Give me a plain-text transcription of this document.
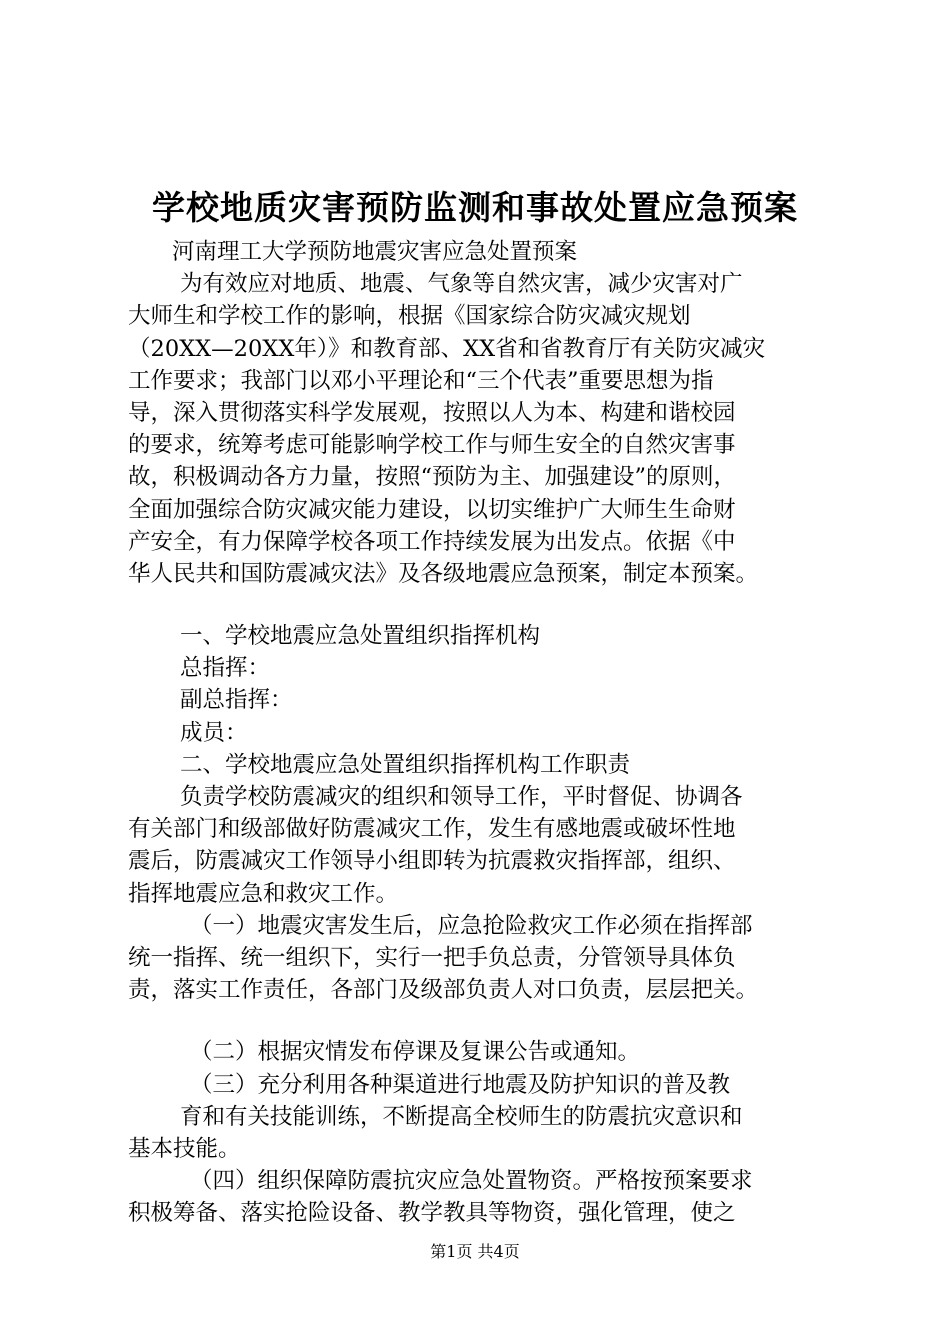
学校地质灾害预防监测和事故处置应急预案
河南理工大学预防地震灾害应急处置预案
为有效应对地质、地震、气象等自然灾害，减少灾害对广
大师生和学校工作的影响，根据《国家综合防灾减灾规划
（20XX—20XX年）》和教育部、XX省和省教育厅有关防灾减灾
工作要求；我部门以邓小平理论和“三个代表”重要思想为指
导，深入贯彻落实科学发展观，按照以人为本、构建和谐校园
的要求，统筹考虑可能影响学校工作与师生安全的自然灾害事
故，积极调动各方力量，按照“预防为主、加强建设”的原则，
全面加强综合防灾减灾能力建设，以切实维护广大师生生命财
产安全，有力保障学校各项工作持续发展为出发点。依据《中
华人民共和国防震减灾法》及各级地震应急预案，制定本预案。
一、学校地震应急处置组织指挥机构
总指挥：
副总指挥：
成员：
二、学校地震应急处置组织指挥机构工作职责
负责学校防震减灾的组织和领导工作，平时督促、协调各
有关部门和级部做好防震减灾工作，发生有感地震或破坏性地
震后，防震减灾工作领导小组即转为抗震救灾指挥部，组织、
指挥地震应急和救灾工作。
（一）地震灾害发生后，应急抢险救灾工作必须在指挥部
统一指挥、统一组织下，实行一把手负总责，分管领导具体负
责，落实工作责任，各部门及级部负责人对口负责，层层把关。
（二）根据灾情发布停课及复课公告或通知。
（三）充分利用各种渠道进行地震及防护知识的普及教
育和有关技能训练，不断提高全校师生的防震抗灾意识和
基本技能。
（四）组织保障防震抗灾应急处置物资。严格按预案要求
积极筹备、落实抢险设备、教学教具等物资，强化管理，使之
第1页 共4页
